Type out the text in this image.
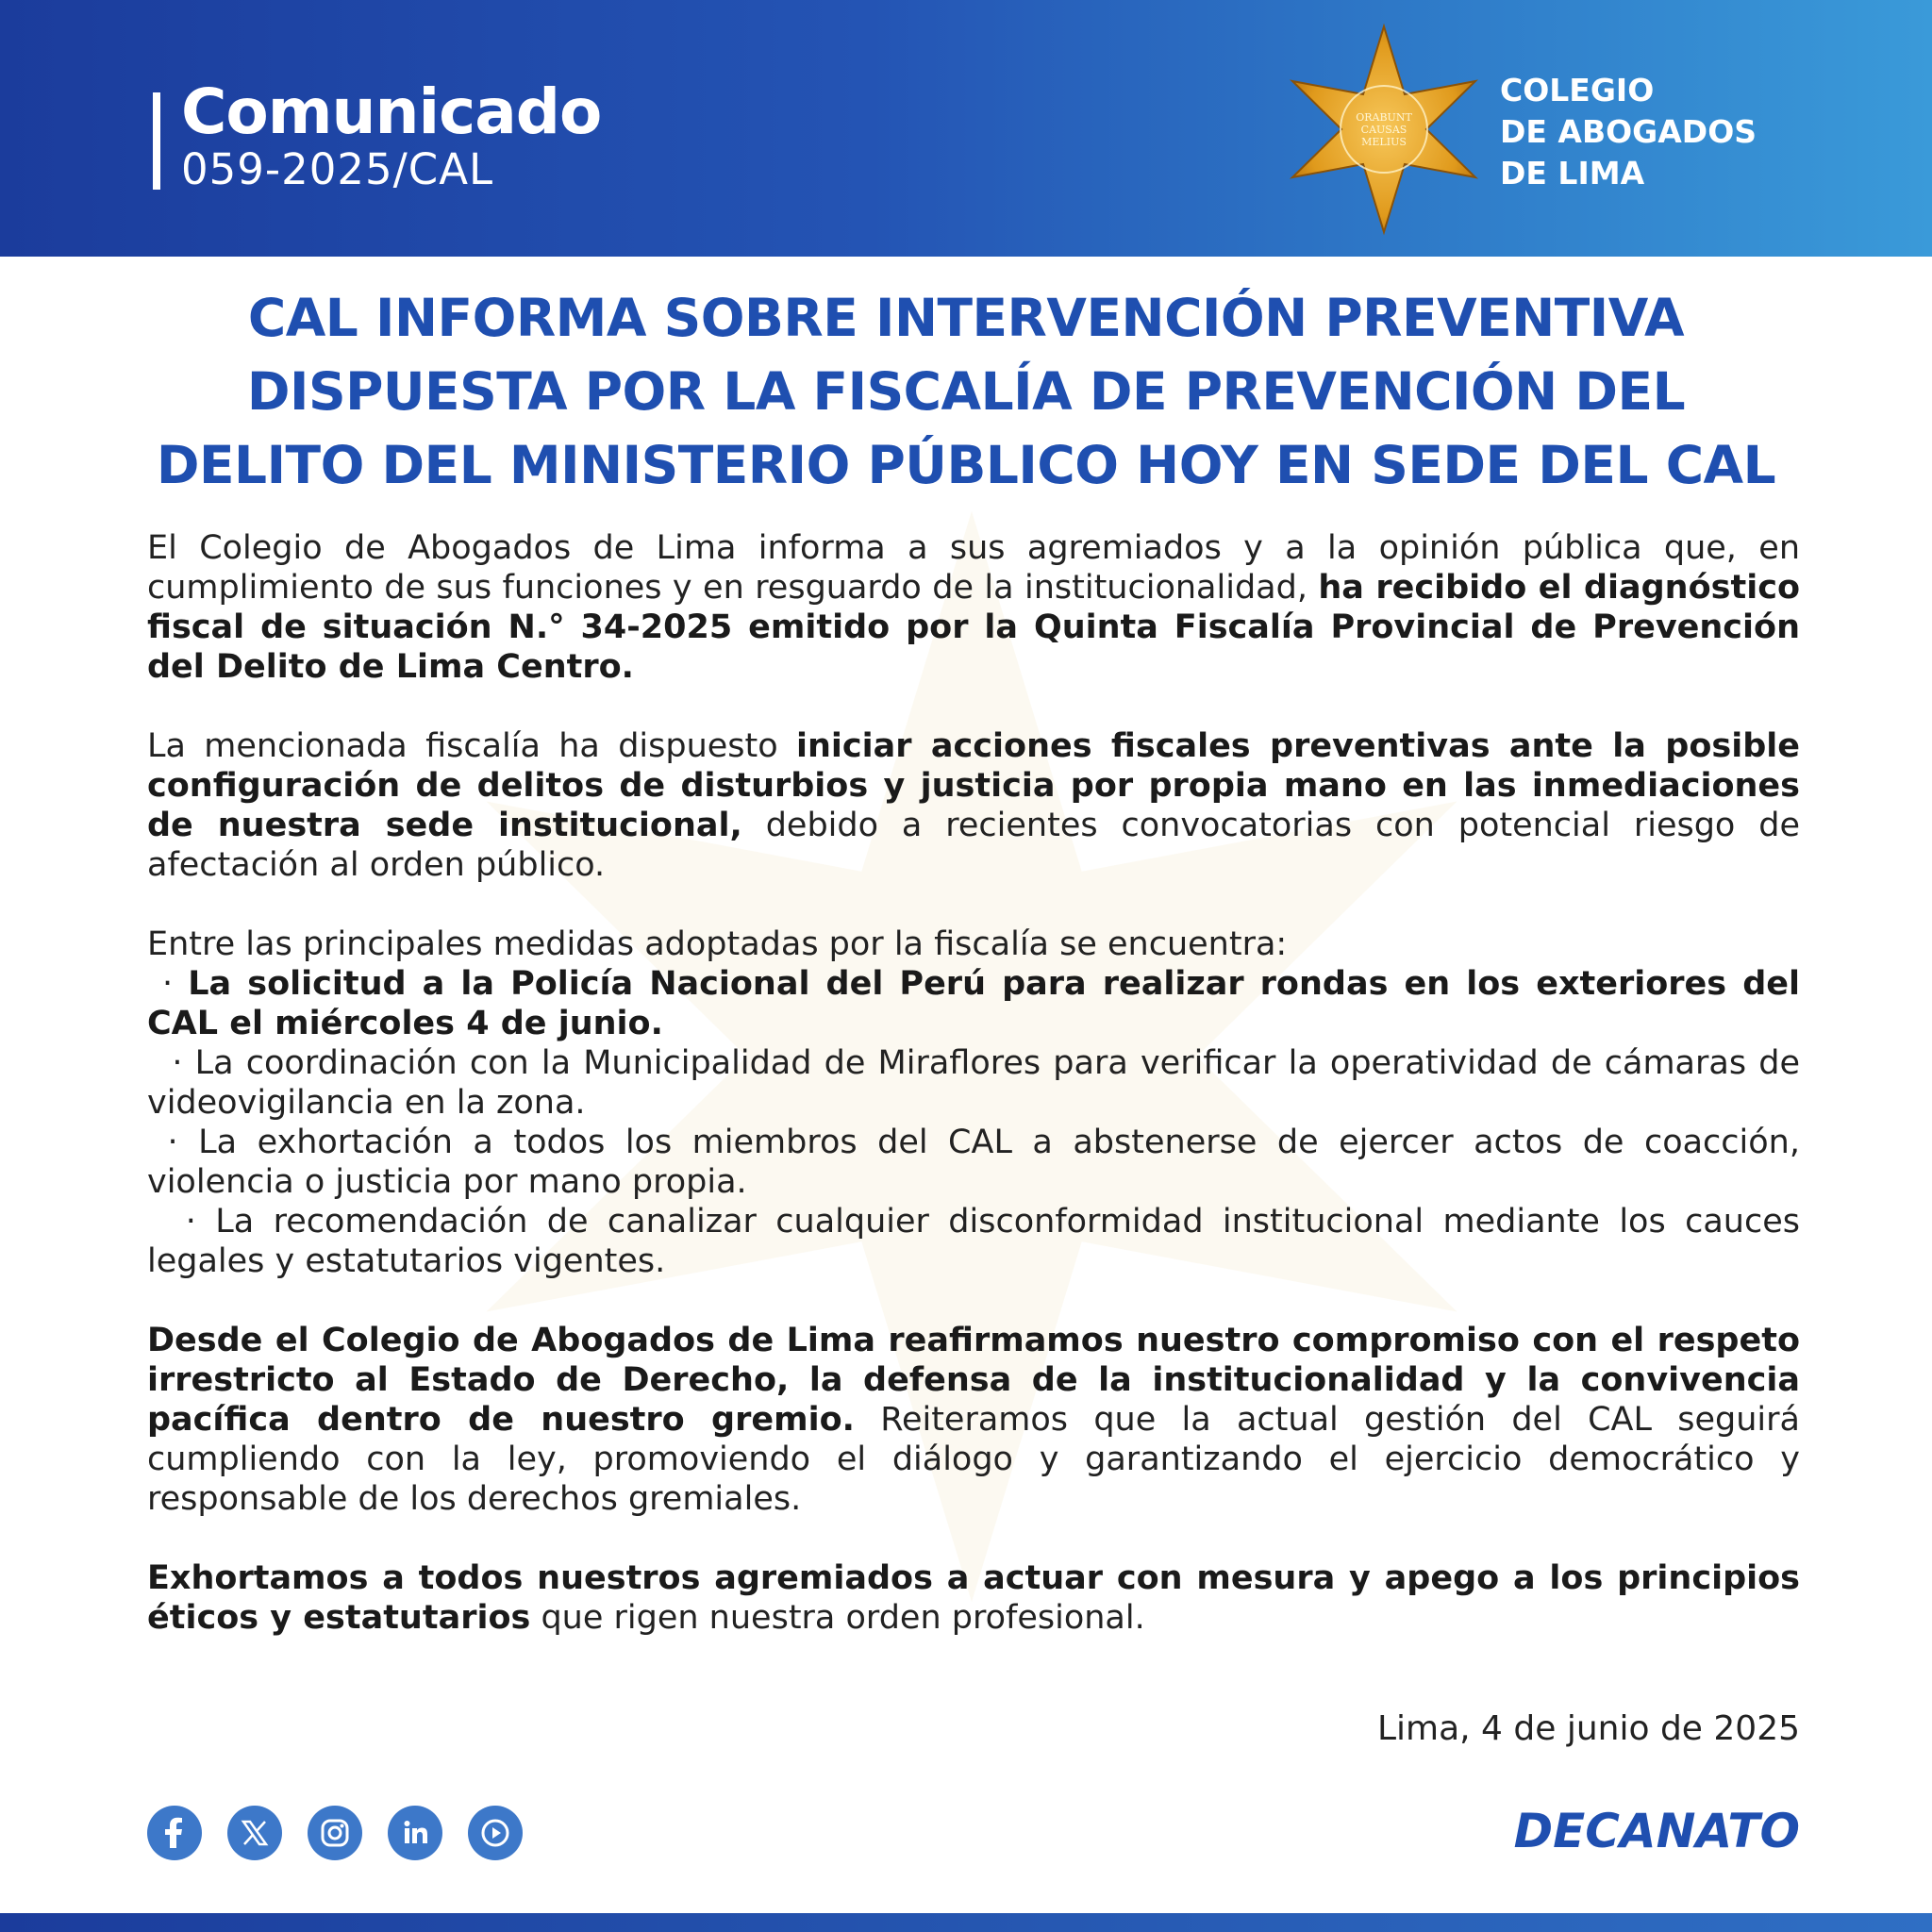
Comunicado
059-2025/CAL
ORABUNT
CAUSAS
MELIUS
COLEGIO
DE ABOGADOS
DE LIMA
CAL INFORMA SOBRE INTERVENCIÓN PREVENTIVA
DISPUESTA POR LA FISCALÍA DE PREVENCIÓN DEL
DELITO DEL MINISTERIO PÚBLICO HOY EN SEDE DEL CAL

El Colegio de Abogados de Lima informa a sus agremiados y a la opinión pública que, en cumplimiento de sus funciones y en resguardo de la institucionalidad, ha recibido el diagnóstico fiscal de situación N.° 34-2025 emitido por la Quinta Fiscalía Provincial de Prevención del Delito de Lima Centro.

La mencionada fiscalía ha dispuesto iniciar acciones fiscales preventivas ante la posible configuración de delitos de disturbios y justicia por propia mano en las inmediaciones de nuestra sede institucional, debido a recientes convocatorias con potencial riesgo de afectación al orden público.

Entre las principales medidas adoptadas por la fiscalía se encuentra:

· La solicitud a la Policía Nacional del Perú para realizar rondas en los exteriores del CAL el miércoles 4 de junio.

· La coordinación con la Municipalidad de Miraflores para verificar la operatividad de cámaras de videovigilancia en la zona.

· La exhortación a todos los miembros del CAL a abstenerse de ejercer actos de coacción, violencia o justicia por mano propia.

· La recomendación de canalizar cualquier disconformidad institucional mediante los cauces legales y estatutarios vigentes.

Desde el Colegio de Abogados de Lima reafirmamos nuestro compromiso con el respeto irrestricto al Estado de Derecho, la defensa de la institucionalidad y la convivencia pacífica dentro de nuestro gremio. Reiteramos que la actual gestión del CAL seguirá cumpliendo con la ley, promoviendo el diálogo y garantizando el ejercicio democrático y responsable de los derechos gremiales.

Exhortamos a todos nuestros agremiados a actuar con mesura y apego a los principios éticos y estatutarios que rigen nuestra orden profesional.

Lima, 4 de junio de 2025
DECANATO
